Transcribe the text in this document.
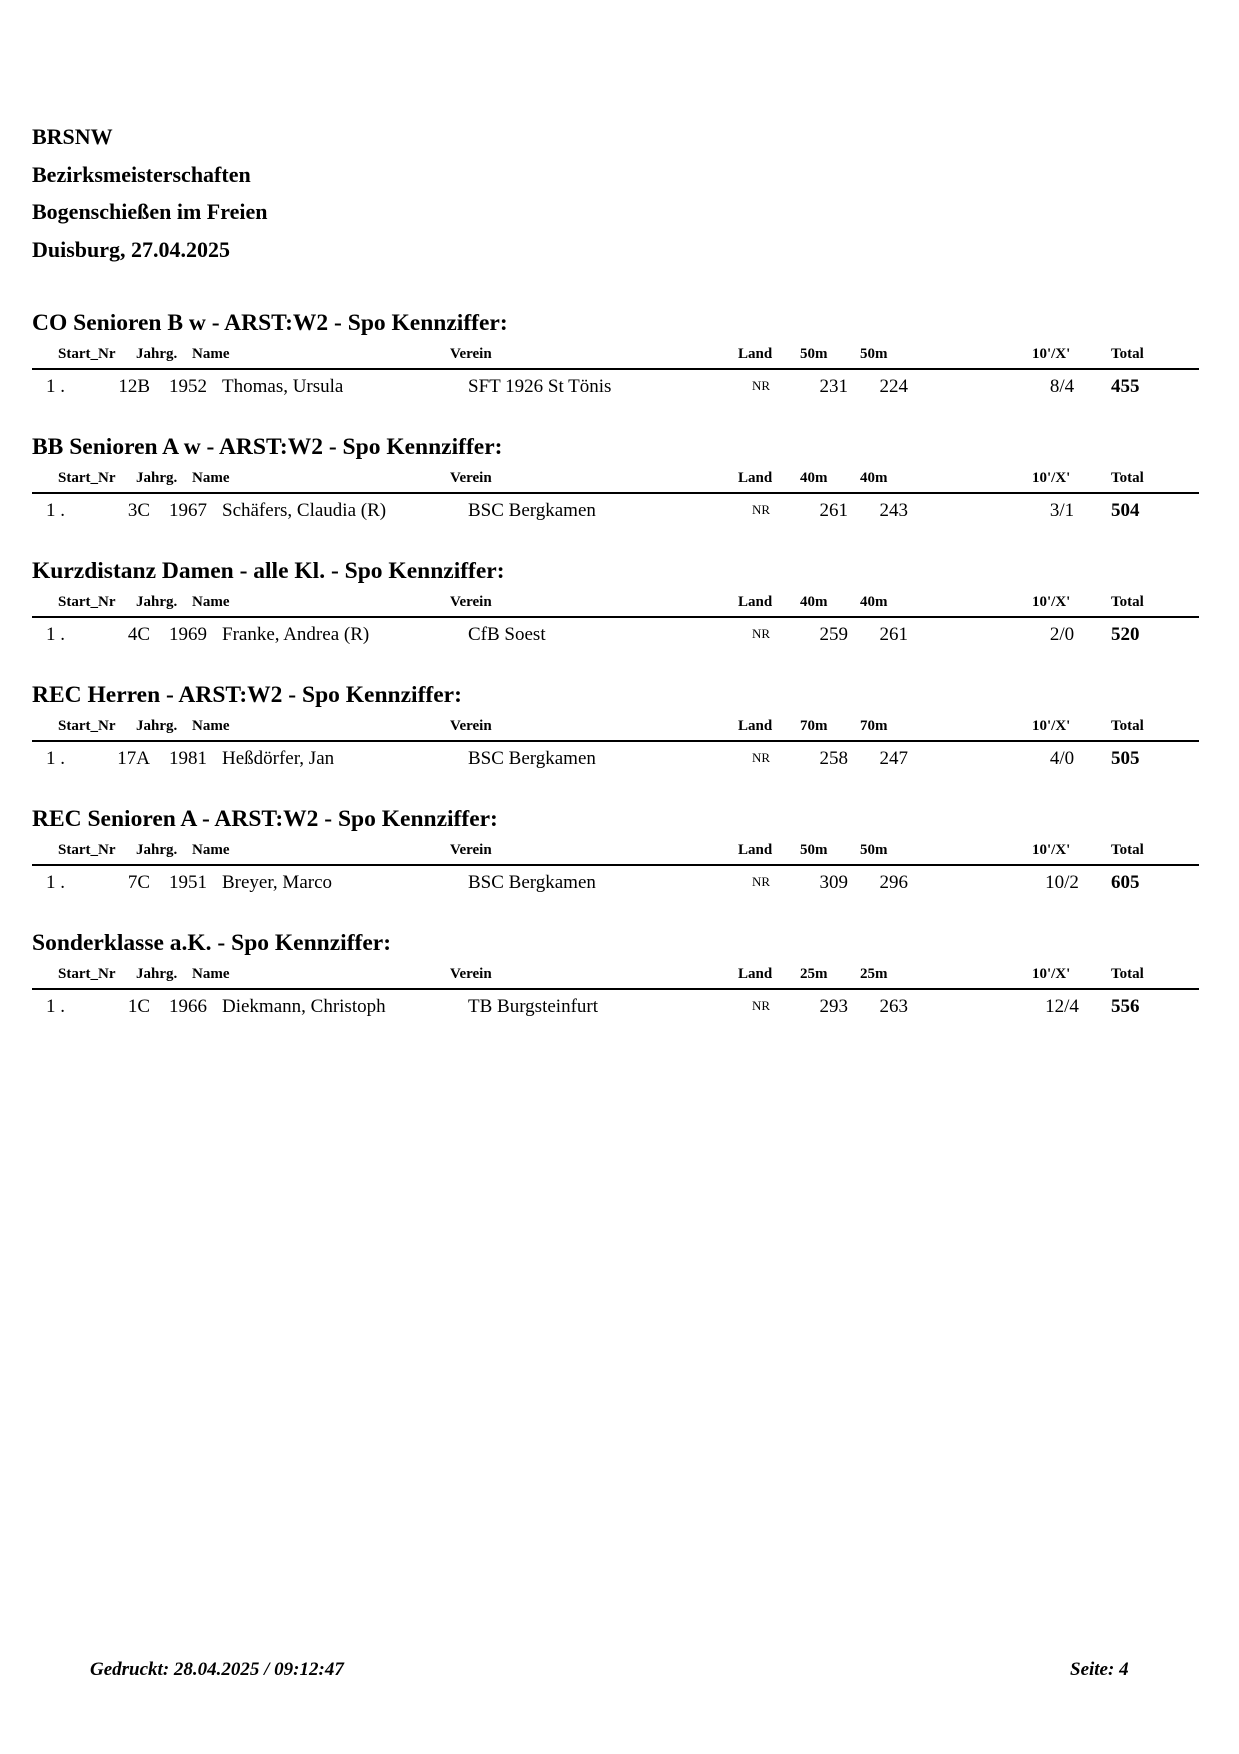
BRSNW
Bezirksmeisterschaften
Bogenschießen im Freien
Duisburg, 27.04.2025
CO Senioren B w - ARST:W2 - Spo Kennziffer:
Start_Nr Jahrg. Name	Verein	Land 50m 50m	10'/X'	Total
1 .	12B 1952 Thomas, Ursula	SFT 1926 St Tönis	NR	231	224	8/4	455
BB Senioren A w - ARST:W2 - Spo Kennziffer:
Start_Nr Jahrg. Name	Verein	Land 40m 40m	10'/X'	Total
1 .	3C 1967 Schäfers, Claudia (R)	BSC Bergkamen	NR	261	243	3/1	504
Kurzdistanz Damen - alle Kl. - Spo Kennziffer:
Start_Nr Jahrg. Name	Verein	Land 40m 40m	10'/X'	Total
1 .	4C 1969 Franke, Andrea (R)	CfB Soest	NR	259	261	2/0	520
REC Herren - ARST:W2 - Spo Kennziffer:
Start_Nr Jahrg. Name	Verein	Land 70m 70m	10'/X'	Total
1 .	17A 1981 Heßdörfer, Jan	BSC Bergkamen	NR	258	247	4/0	505
REC Senioren A - ARST:W2 - Spo Kennziffer:
Start_Nr Jahrg. Name	Verein	Land 50m 50m	10'/X'	Total
1 .	7C 1951 Breyer, Marco	BSC Bergkamen	NR	309	296	10/2	605
Sonderklasse a.K. - Spo Kennziffer:
Start_Nr Jahrg. Name	Verein	Land 25m 25m	10'/X'	Total
1 .	1C 1966 Diekmann, Christoph	TB Burgsteinfurt	NR	293	263	12/4	556
Gedruckt: 28.04.2025 / 09:12:47	Seite: 4
